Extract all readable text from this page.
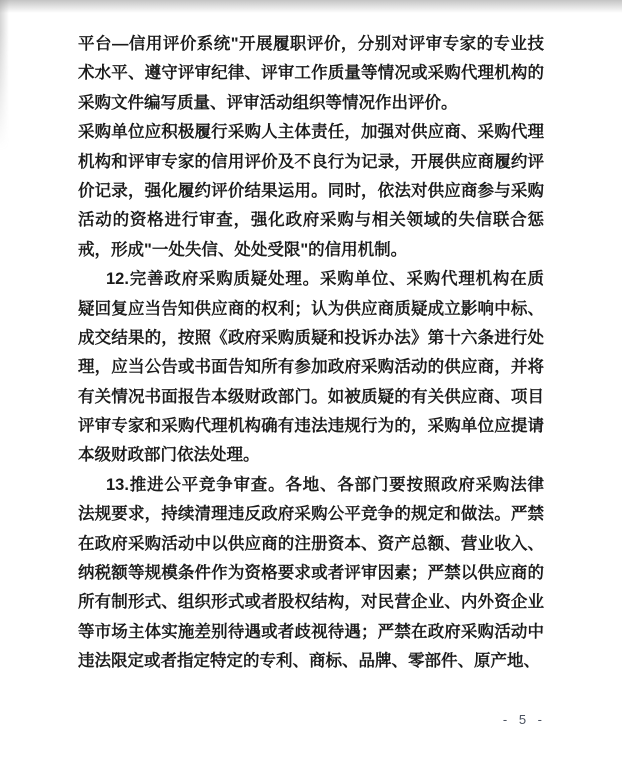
平台—信用评价系统"开展履职评价，分别对评审专家的专业技
术水平、遵守评审纪律、评审工作质量等情况或采购代理机构的
采购文件编写质量、评审活动组织等情况作出评价。
采购单位应积极履行采购人主体责任，加强对供应商、采购代理
机构和评审专家的信用评价及不良行为记录，开展供应商履约评
价记录，强化履约评价结果运用。同时，依法对供应商参与采购
活动的资格进行审查，强化政府采购与相关领域的失信联合惩
戒，形成"一处失信、处处受限"的信用机制。
12.完善政府采购质疑处理。采购单位、采购代理机构在质
疑回复应当告知供应商的权利；认为供应商质疑成立影响中标、
成交结果的，按照《政府采购质疑和投诉办法》第十六条进行处
理，应当公告或书面告知所有参加政府采购活动的供应商，并将
有关情况书面报告本级财政部门。如被质疑的有关供应商、项目
评审专家和采购代理机构确有违法违规行为的，采购单位应提请
本级财政部门依法处理。
13.推进公平竞争审查。各地、各部门要按照政府采购法律
法规要求，持续清理违反政府采购公平竞争的规定和做法。严禁
在政府采购活动中以供应商的注册资本、资产总额、营业收入、
纳税额等规模条件作为资格要求或者评审因素；严禁以供应商的
所有制形式、组织形式或者股权结构，对民营企业、内外资企业
等市场主体实施差别待遇或者歧视待遇；严禁在政府采购活动中
违法限定或者指定特定的专利、商标、品牌、零部件、原产地、
- 5 -
